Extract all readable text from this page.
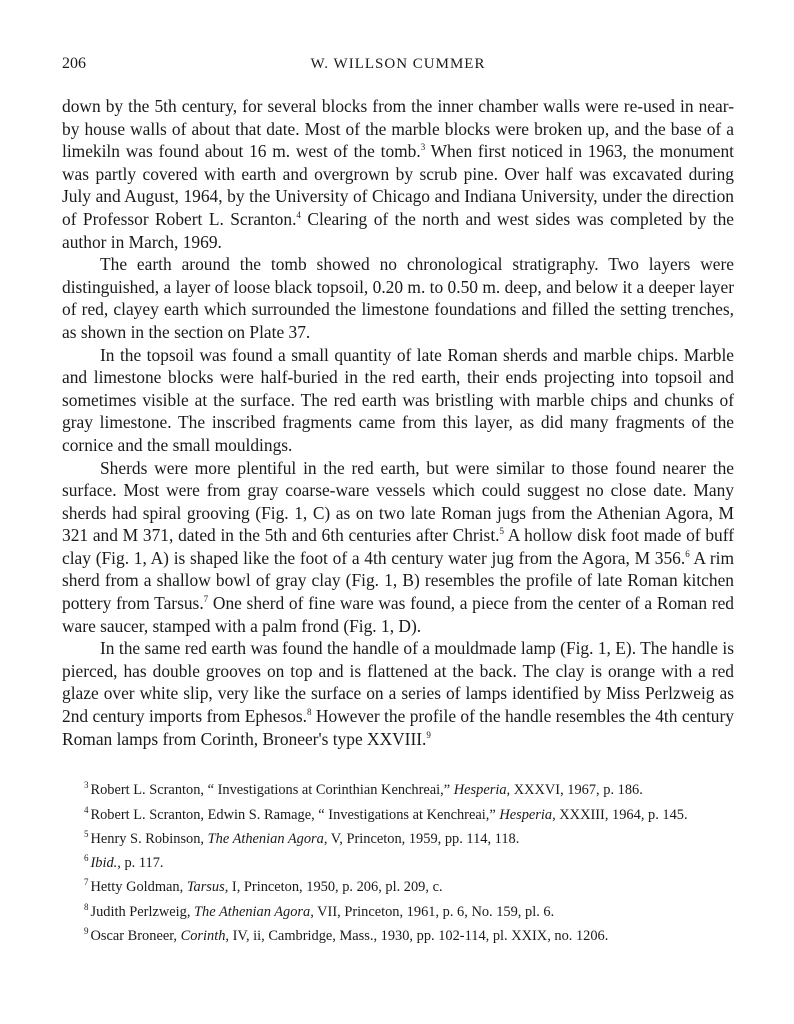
206	W. WILLSON CUMMER

down by the 5th century, for several blocks from the inner chamber walls were re-used in near-by house walls of about that date. Most of the marble blocks were broken up, and the base of a limekiln was found about 16 m. west of the tomb.$^3$ When first noticed in 1963, the monument was partly covered with earth and overgrown by scrub pine. Over half was excavated during July and August, 1964, by the University of Chicago and Indiana University, under the direction of Professor Robert L. Scranton.$^4$ Clearing of the north and west sides was completed by the author in March, 1969.

The earth around the tomb showed no chronological stratigraphy. Two layers were distinguished, a layer of loose black topsoil, 0.20 m. to 0.50 m. deep, and below it a deeper layer of red, clayey earth which surrounded the limestone foundations and filled the setting trenches, as shown in the section on Plate 37.

In the topsoil was found a small quantity of late Roman sherds and marble chips. Marble and limestone blocks were half-buried in the red earth, their ends projecting into topsoil and sometimes visible at the surface. The red earth was bristling with marble chips and chunks of gray limestone. The inscribed fragments came from this layer, as did many fragments of the cornice and the small mouldings.

Sherds were more plentiful in the red earth, but were similar to those found nearer the surface. Most were from gray coarse-ware vessels which could suggest no close date. Many sherds had spiral grooving (Fig. 1, C) as on two late Roman jugs from the Athenian Agora, M 321 and M 371, dated in the 5th and 6th centuries after Christ.$^5$ A hollow disk foot made of buff clay (Fig. 1, A) is shaped like the foot of a 4th century water jug from the Agora, M 356.$^6$ A rim sherd from a shallow bowl of gray clay (Fig. 1, B) resembles the profile of late Roman kitchen pottery from Tarsus.$^7$ One sherd of fine ware was found, a piece from the center of a Roman red ware saucer, stamped with a palm frond (Fig. 1, D).

In the same red earth was found the handle of a mouldmade lamp (Fig. 1, E). The handle is pierced, has double grooves on top and is flattened at the back. The clay is orange with a red glaze over white slip, very like the surface on a series of lamps identified by Miss Perlzweig as 2nd century imports from Ephesos.$^8$ However the profile of the handle resembles the 4th century Roman lamps from Corinth, Broneer's type XXVIII.$^9$

$^3$ Robert L. Scranton, “ Investigations at Corinthian Kenchreai,” Hesperia, XXXVI, 1967, p. 186.

$^4$ Robert L. Scranton, Edwin S. Ramage, “ Investigations at Kenchreai,” Hesperia, XXXIII, 1964, p. 145.

$^5$ Henry S. Robinson, The Athenian Agora, V, Princeton, 1959, pp. 114, 118.

$^6$ Ibid., p. 117.

$^7$ Hetty Goldman, Tarsus, I, Princeton, 1950, p. 206, pl. 209, c.

$^8$ Judith Perlzweig, The Athenian Agora, VII, Princeton, 1961, p. 6, No. 159, pl. 6.

$^9$ Oscar Broneer, Corinth, IV, ii, Cambridge, Mass., 1930, pp. 102-114, pl. XXIX, no. 1206.
